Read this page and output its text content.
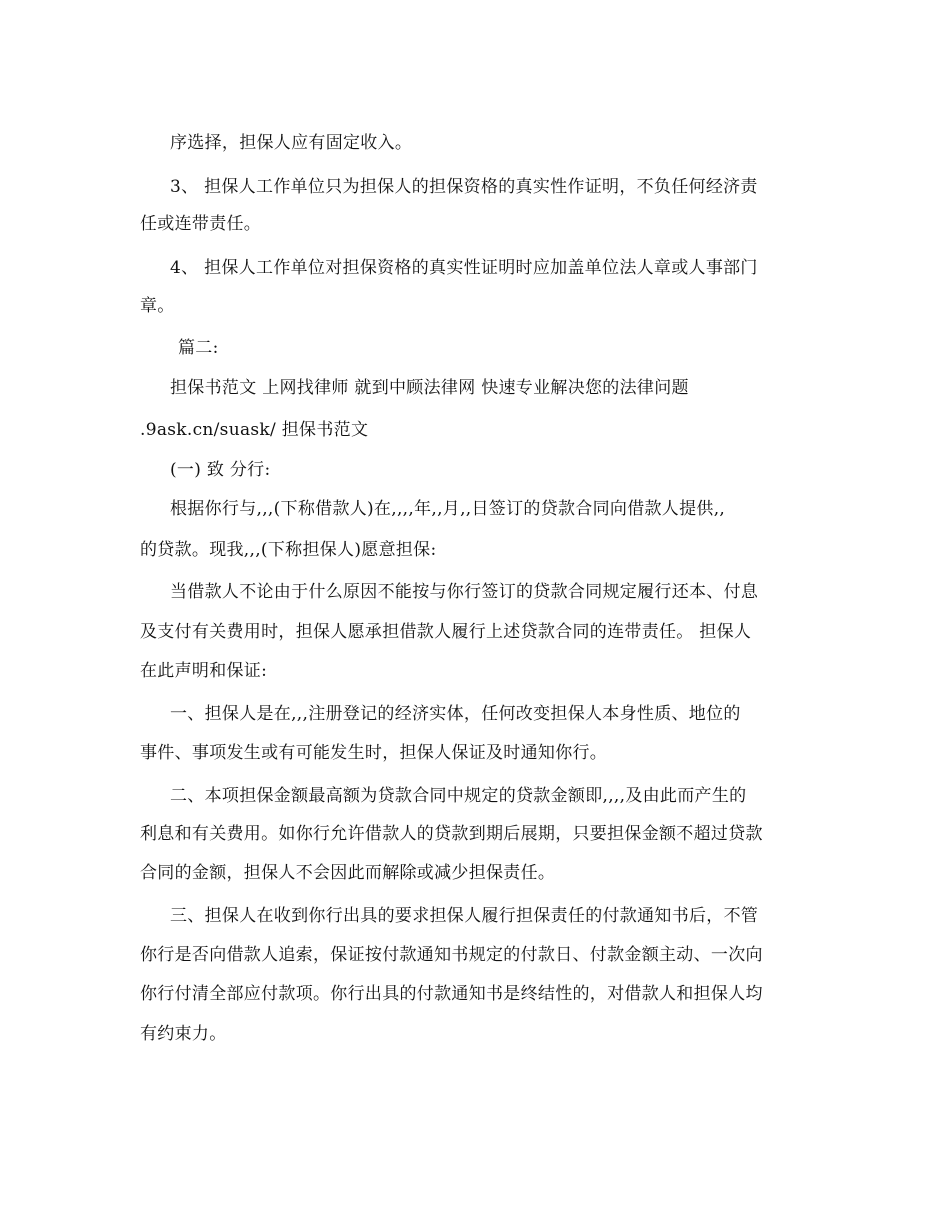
序选择，担保人应有固定收入。
3、 担保人工作单位只为担保人的担保资格的真实性作证明，不负任何经济责
任或连带责任。
4、 担保人工作单位对担保资格的真实性证明时应加盖单位法人章或人事部门
章。
篇二:
担保书范文 上网找律师 就到中顾法律网 快速专业解决您的法律问题
.9ask.cn/suask/ 担保书范文
(一) 致 分行:
根据你行与,,,(下称借款人)在,,,,年,,月,,日签订的贷款合同向借款人提供,,
的贷款。现我,,,(下称担保人)愿意担保:
当借款人不论由于什么原因不能按与你行签订的贷款合同规定履行还本、付息
及支付有关费用时，担保人愿承担借款人履行上述贷款合同的连带责任。 担保人
在此声明和保证:
一、担保人是在,,,注册登记的经济实体，任何改变担保人本身性质、地位的
事件、事项发生或有可能发生时，担保人保证及时通知你行。
二、本项担保金额最高额为贷款合同中规定的贷款金额即,,,,及由此而产生的
利息和有关费用。如你行允许借款人的贷款到期后展期，只要担保金额不超过贷款
合同的金额，担保人不会因此而解除或减少担保责任。
三、担保人在收到你行出具的要求担保人履行担保责任的付款通知书后，不管
你行是否向借款人追索，保证按付款通知书规定的付款日、付款金额主动、一次向
你行付清全部应付款项。你行出具的付款通知书是终结性的，对借款人和担保人均
有约束力。
